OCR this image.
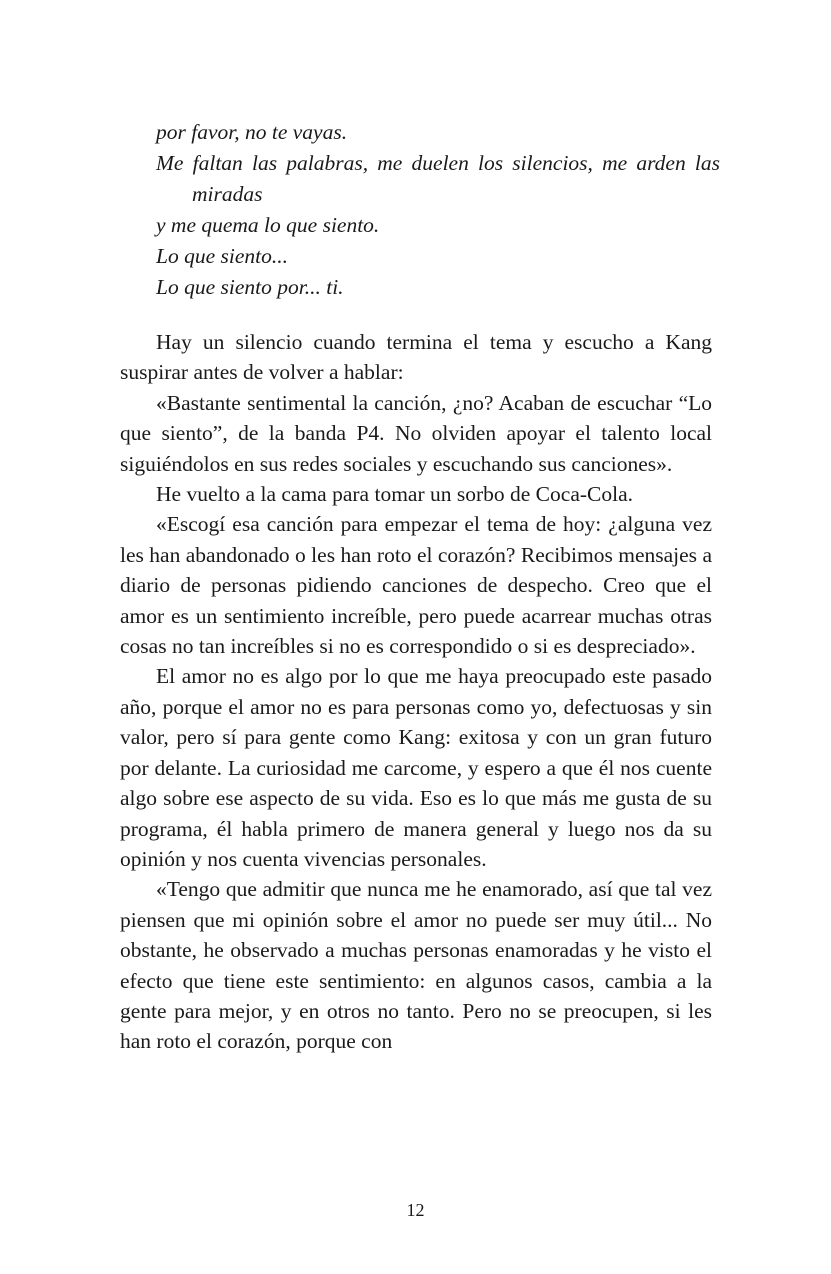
por favor, no te vayas.
Me faltan las palabras, me duelen los silencios, me arden las miradas
y me quema lo que siento.
Lo que siento...
Lo que siento por... ti.

Hay un silencio cuando termina el tema y escucho a Kang suspirar antes de volver a hablar:

«Bastante sentimental la canción, ¿no? Acaban de escuchar “Lo que siento”, de la banda P4. No olviden apoyar el talento local siguiéndolos en sus redes sociales y escuchando sus canciones».

He vuelto a la cama para tomar un sorbo de Coca-Cola.

«Escogí esa canción para empezar el tema de hoy: ¿alguna vez les han abandonado o les han roto el corazón? Recibimos mensajes a diario de personas pidiendo canciones de despecho. Creo que el amor es un sentimiento increíble, pero puede acarrear muchas otras cosas no tan increíbles si no es correspondido o si es despreciado».

El amor no es algo por lo que me haya preocupado este pasado año, porque el amor no es para personas como yo, defectuosas y sin valor, pero sí para gente como Kang: exitosa y con un gran futuro por delante. La curiosidad me carcome, y espero a que él nos cuente algo sobre ese aspecto de su vida. Eso es lo que más me gusta de su programa, él habla primero de manera general y luego nos da su opinión y nos cuenta vivencias personales.

«Tengo que admitir que nunca me he enamorado, así que tal vez piensen que mi opinión sobre el amor no puede ser muy útil... No obstante, he observado a muchas personas enamoradas y he visto el efecto que tiene este sentimiento: en algunos casos, cambia a la gente para mejor, y en otros no tanto. Pero no se preocupen, si les han roto el corazón, porque con

12
